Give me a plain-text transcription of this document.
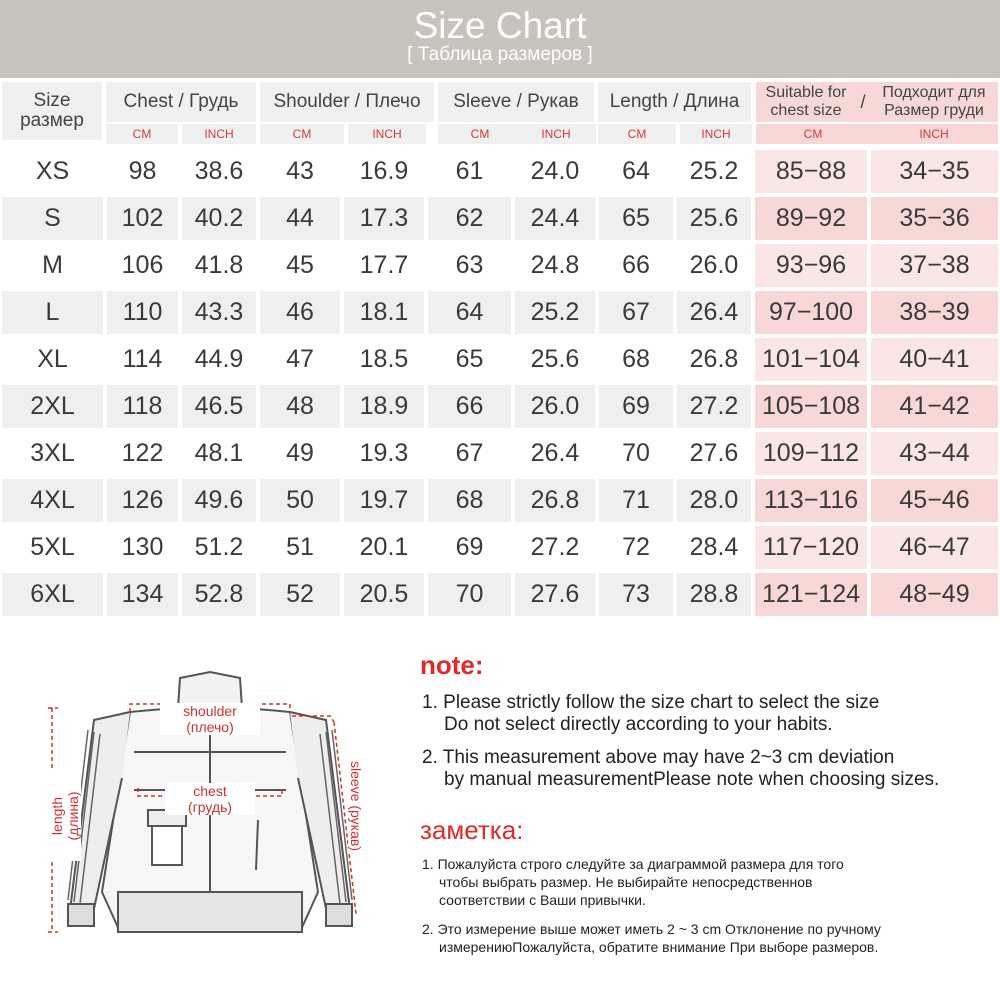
Size Chart
[ Таблица размеров ]
Size размер
Chest / Грудь	Shoulder / Плечо	Sleeve / Рукав	Length / Длина	Suitable for chest size	/	Подходит для Размер груди
CM	INCH	CM	INCH	CM	INCH	CM	INCH	CM	INCH
XS	98	38.6	43	16.9	61	24.0	64	25.2	85−88	34−35
S	102	40.2	44	17.3	62	24.4	65	25.6	89−92	35−36
M	106	41.8	45	17.7	63	24.8	66	26.0	93−96	37−38
L	110	43.3	46	18.1	64	25.2	67	26.4	97−100	38−39
XL	114	44.9	47	18.5	65	25.6	68	26.8 101−104	40−41
2XL	118	46.5	48	18.9	66	26.0	69	27.2 105−108	41−42
3XL	122	48.1	49	19.3	67	26.4	70	27.6 109−112	43−44
4XL	126	49.6	50	19.7	68	26.8	71	28.0	113−116	45−46
5XL	130	51.2	51	20.1	69	27.2	72	28.4 117−120	46−47
6XL	134	52.8	52	20.5	70	27.6	73	28.8 121−124	48−49
shoulder
(плечо)
chest
(грудь)
length (длина)
sleeve (рукав)
note:
1. Please strictly follow the size chart to select the size
Do not select directly according to your habits.
2. This measurement above may have 2~3 cm deviation
by manual measurementPlease note when choosing sizes.
заметка:
1. Пожалуйста строго следуйте за диаграммой размера для того
чтобы выбрать размер. Не выбирайте непосредственнов
соответствии с Ваши привычки.
2. Это измерение выше может иметь 2 ~ 3 cm Отклонение по ручному
измерениюПожалуйста, обратите внимание При выборе размеров.
